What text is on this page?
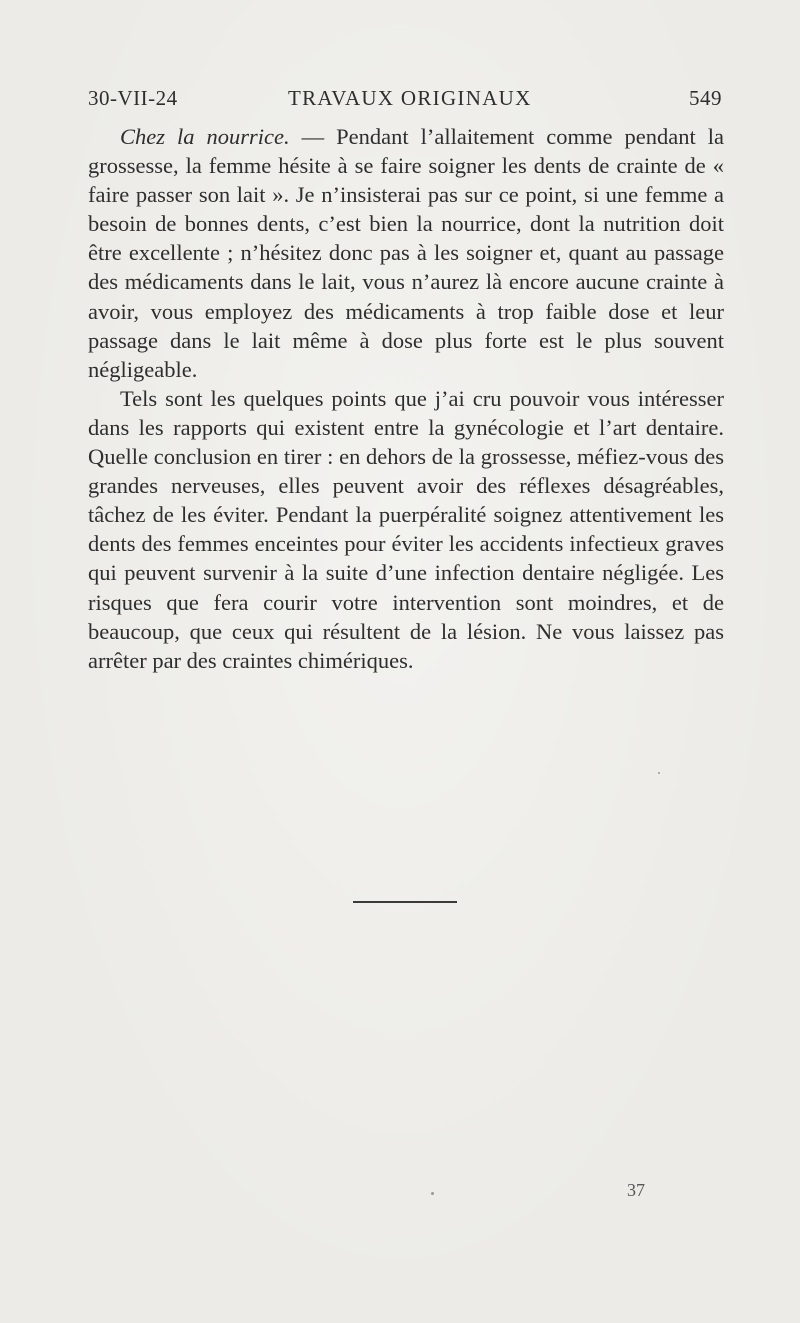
30-VII-24	TRAVAUX ORIGINAUX	549

Chez la nourrice. — Pendant l’allaitement comme pendant la grossesse, la femme hésite à se faire soigner les dents de crainte de « faire passer son lait ». Je n’insisterai pas sur ce point, si une femme a besoin de bonnes dents, c’est bien la nourrice, dont la nutrition doit être excellente ; n’hésitez donc pas à les soigner et, quant au passage des médicaments dans le lait, vous n’aurez là encore aucune crainte à avoir, vous employez des médicaments à trop faible dose et leur passage dans le lait même à dose plus forte est le plus souvent négligeable.

Tels sont les quelques points que j’ai cru pouvoir vous intéresser dans les rapports qui existent entre la gynécologie et l’art dentaire. Quelle conclusion en tirer : en dehors de la grossesse, méfiez-vous des grandes nerveuses, elles peuvent avoir des réflexes désagréables, tâchez de les éviter. Pendant la puerpéralité soignez attentivement les dents des femmes enceintes pour éviter les accidents infectieux graves qui peuvent survenir à la suite d’une infection dentaire négligée. Les risques que fera courir votre intervention sont moindres, et de beaucoup, que ceux qui résultent de la lésion. Ne vous laissez pas arrêter par des craintes chimériques.

37
